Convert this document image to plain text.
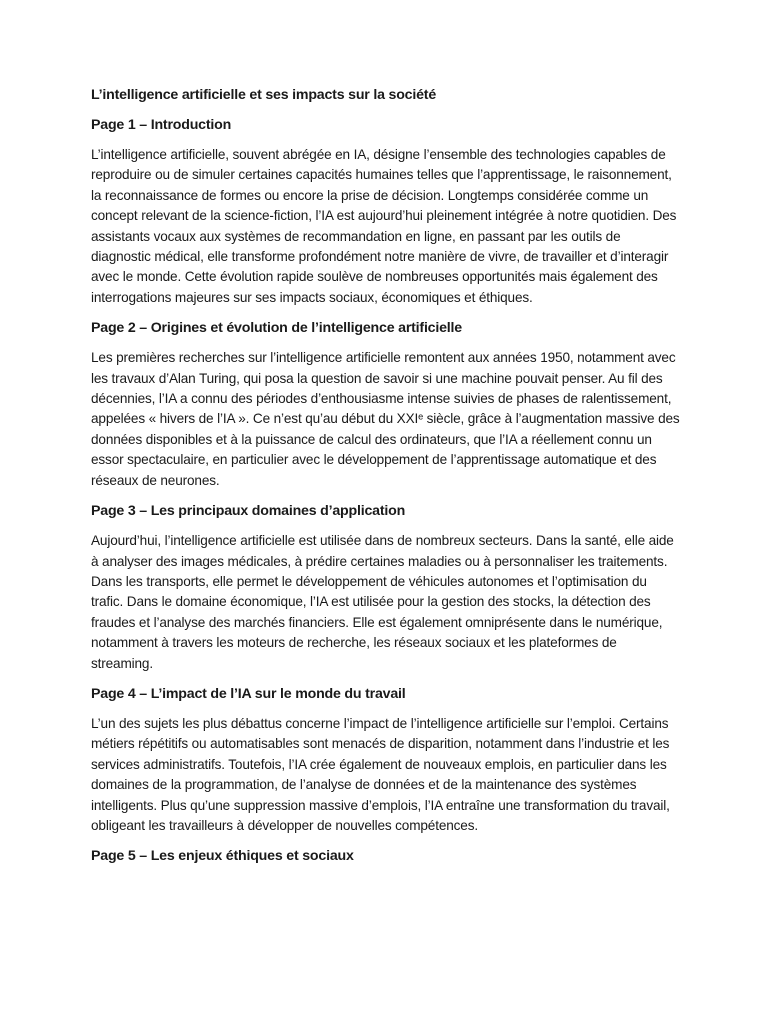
L’intelligence artificielle et ses impacts sur la société
Page 1 – Introduction
L’intelligence artificielle, souvent abrégée en IA, désigne l’ensemble des technologies capables de reproduire ou de simuler certaines capacités humaines telles que l’apprentissage, le raisonnement, la reconnaissance de formes ou encore la prise de décision. Longtemps considérée comme un concept relevant de la science-fiction, l’IA est aujourd’hui pleinement intégrée à notre quotidien. Des assistants vocaux aux systèmes de recommandation en ligne, en passant par les outils de diagnostic médical, elle transforme profondément notre manière de vivre, de travailler et d’interagir avec le monde. Cette évolution rapide soulève de nombreuses opportunités mais également des interrogations majeures sur ses impacts sociaux, économiques et éthiques.
Page 2 – Origines et évolution de l’intelligence artificielle
Les premières recherches sur l’intelligence artificielle remontent aux années 1950, notamment avec les travaux d’Alan Turing, qui posa la question de savoir si une machine pouvait penser. Au fil des décennies, l’IA a connu des périodes d’enthousiasme intense suivies de phases de ralentissement, appelées « hivers de l’IA ». Ce n’est qu’au début du XXIᵉ siècle, grâce à l’augmentation massive des données disponibles et à la puissance de calcul des ordinateurs, que l’IA a réellement connu un essor spectaculaire, en particulier avec le développement de l’apprentissage automatique et des réseaux de neurones.
Page 3 – Les principaux domaines d’application
Aujourd’hui, l’intelligence artificielle est utilisée dans de nombreux secteurs. Dans la santé, elle aide à analyser des images médicales, à prédire certaines maladies ou à personnaliser les traitements. Dans les transports, elle permet le développement de véhicules autonomes et l’optimisation du trafic. Dans le domaine économique, l’IA est utilisée pour la gestion des stocks, la détection des fraudes et l’analyse des marchés financiers. Elle est également omniprésente dans le numérique, notamment à travers les moteurs de recherche, les réseaux sociaux et les plateformes de streaming.
Page 4 – L’impact de l’IA sur le monde du travail
L’un des sujets les plus débattus concerne l’impact de l’intelligence artificielle sur l’emploi. Certains métiers répétitifs ou automatisables sont menacés de disparition, notamment dans l’industrie et les services administratifs. Toutefois, l’IA crée également de nouveaux emplois, en particulier dans les domaines de la programmation, de l’analyse de données et de la maintenance des systèmes intelligents. Plus qu’une suppression massive d’emplois, l’IA entraîne une transformation du travail, obligeant les travailleurs à développer de nouvelles compétences.
Page 5 – Les enjeux éthiques et sociaux
